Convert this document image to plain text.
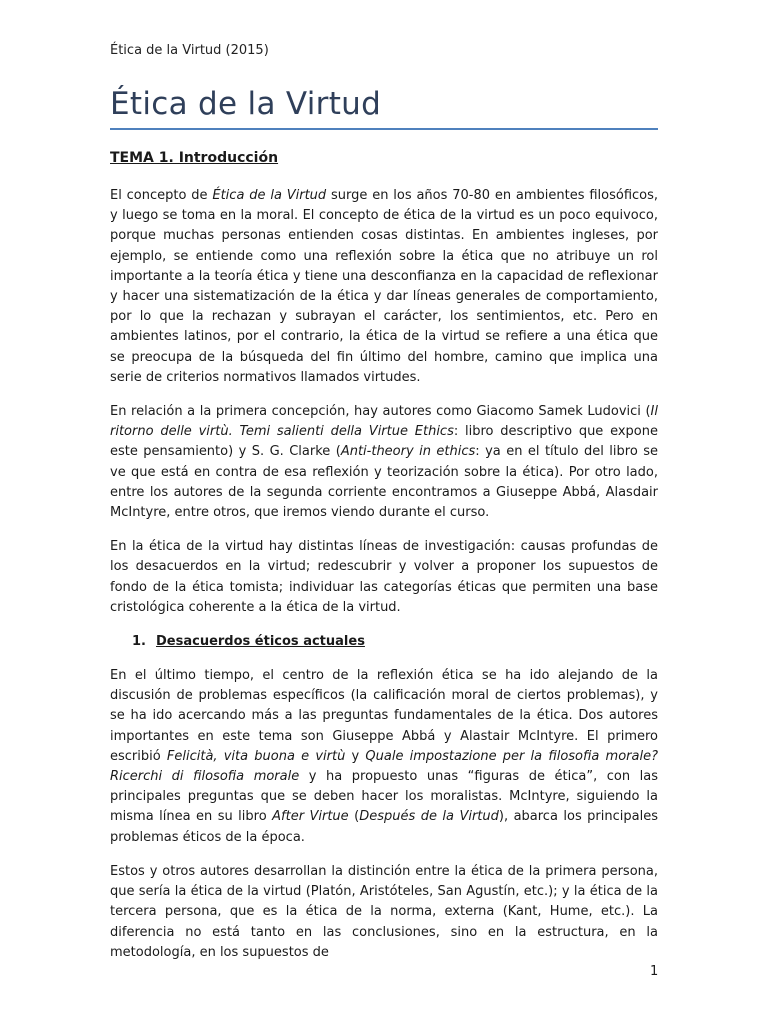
Ética de la Virtud (2015)
Ética de la Virtud
TEMA 1. Introducción

El concepto de Ética de la Virtud surge en los años 70-80 en ambientes filosóficos, y luego se toma en la moral. El concepto de ética de la virtud es un poco equivoco, porque muchas personas entienden cosas distintas. En ambientes ingleses, por ejemplo, se entiende como una reflexión sobre la ética que no atribuye un rol importante a la teoría ética y tiene una desconfianza en la capacidad de reflexionar y hacer una sistematización de la ética y dar líneas generales de comportamiento, por lo que la rechazan y subrayan el carácter, los sentimientos, etc. Pero en ambientes latinos, por el contrario, la ética de la virtud se refiere a una ética que se preocupa de la búsqueda del fin último del hombre, camino que implica una serie de criterios normativos llamados virtudes.

En relación a la primera concepción, hay autores como Giacomo Samek Ludovici (Il ritorno delle virtù. Temi salienti della Virtue Ethics: libro descriptivo que expone este pensamiento) y S. G. Clarke (Anti-theory in ethics: ya en el título del libro se ve que está en contra de esa reflexión y teorización sobre la ética). Por otro lado, entre los autores de la segunda corriente encontramos a Giuseppe Abbá, Alasdair McIntyre, entre otros, que iremos viendo durante el curso.

En la ética de la virtud hay distintas líneas de investigación: causas profundas de los desacuerdos en la virtud; redescubrir y volver a proponer los supuestos de fondo de la ética tomista; individuar las categorías éticas que permiten una base cristológica coherente a la ética de la virtud.

1. Desacuerdos éticos actuales

En el último tiempo, el centro de la reflexión ética se ha ido alejando de la discusión de problemas específicos (la calificación moral de ciertos problemas), y se ha ido acercando más a las preguntas fundamentales de la ética. Dos autores importantes en este tema son Giuseppe Abbá y Alastair McIntyre. El primero escribió Felicità, vita buona e virtù y Quale impostazione per la filosofia morale? Ricerchi di filosofia morale y ha propuesto unas “figuras de ética”, con las principales preguntas que se deben hacer los moralistas. McIntyre, siguiendo la misma línea en su libro After Virtue (Después de la Virtud), abarca los principales problemas éticos de la época.

Estos y otros autores desarrollan la distinción entre la ética de la primera persona, que sería la ética de la virtud (Platón, Aristóteles, San Agustín, etc.); y la ética de la tercera persona, que es la ética de la norma, externa (Kant, Hume, etc.). La diferencia no está tanto en las conclusiones, sino en la estructura, en la metodología, en los supuestos de

1
